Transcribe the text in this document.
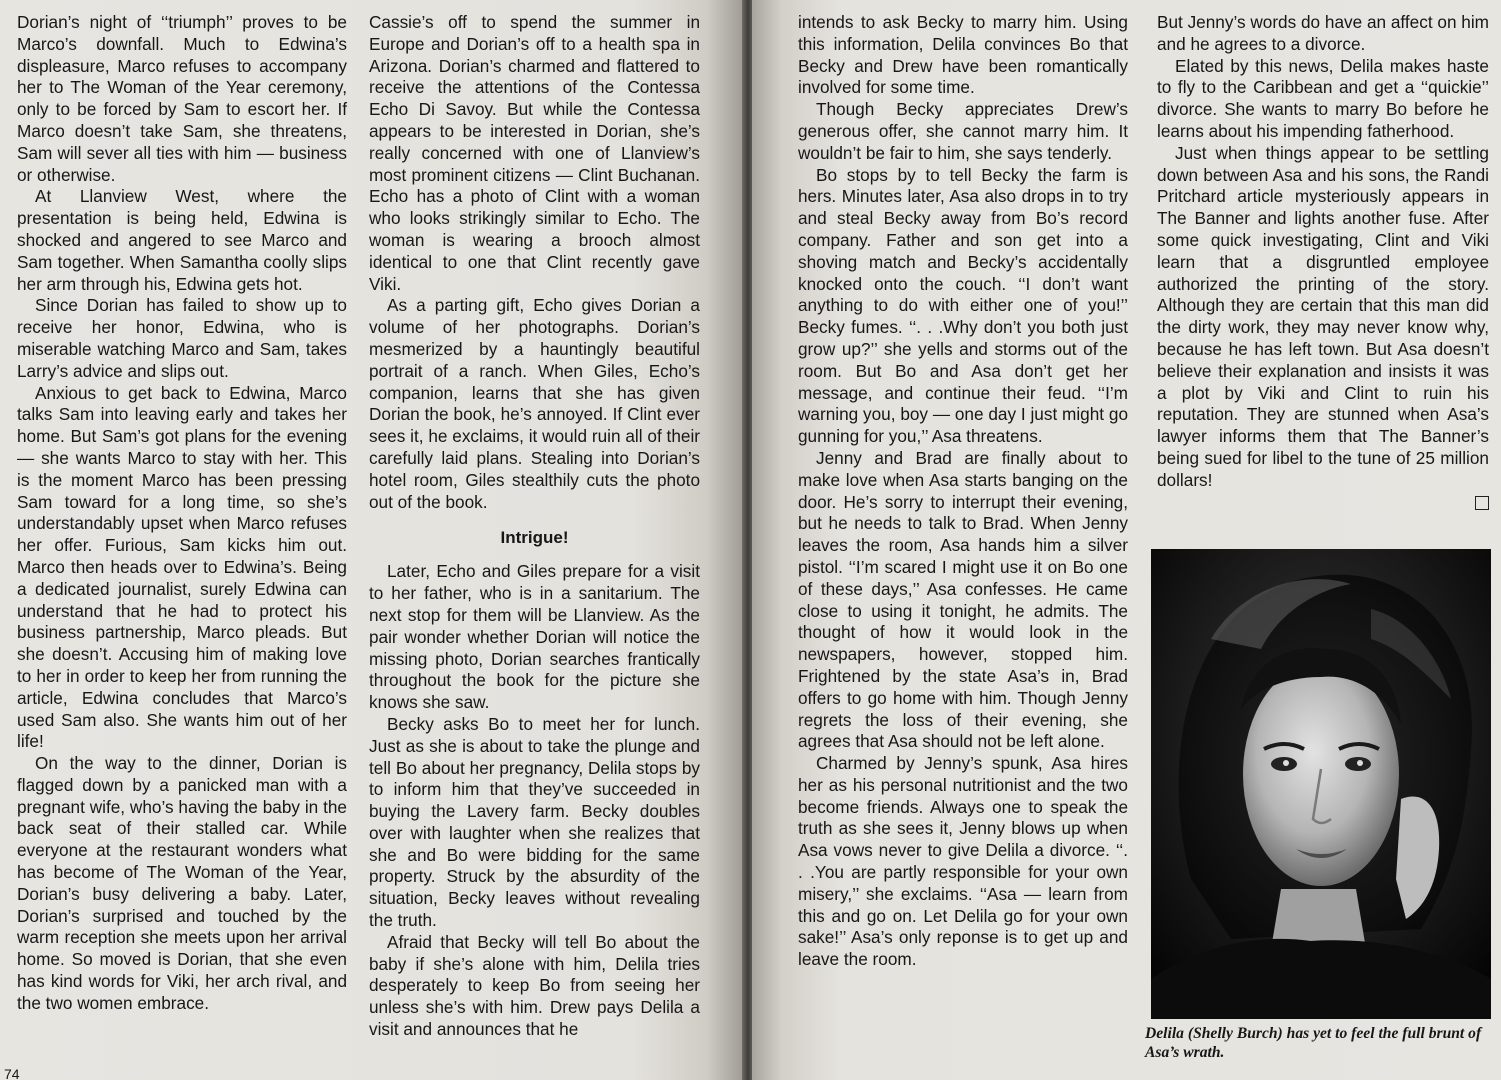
Dorian’s night of ‘‘triumph’’ proves to be Marco’s downfall. Much to Edwina’s displeasure, Marco refuses to accompany her to The Woman of the Year ceremony, only to be forced by Sam to escort her. If Marco doesn’t take Sam, she threatens, Sam will sever all ties with him — business or otherwise.

At Llanview West, where the presentation is being held, Edwina is shocked and angered to see Marco and Sam together. When Samantha coolly slips her arm through his, Edwina gets hot.

Since Dorian has failed to show up to receive her honor, Edwina, who is miserable watching Marco and Sam, takes Larry’s advice and slips out.

Anxious to get back to Edwina, Marco talks Sam into leaving early and takes her home. But Sam’s got plans for the evening — she wants Marco to stay with her. This is the moment Marco has been pressing Sam toward for a long time, so she’s understandably upset when Marco refuses her offer. Furious, Sam kicks him out. Marco then heads over to Edwina’s. Being a dedicated journalist, surely Edwina can understand that he had to protect his business partnership, Marco pleads. But she doesn’t. Accusing him of making love to her in order to keep her from running the article, Edwina concludes that Marco’s used Sam also. She wants him out of her life!

On the way to the dinner, Dorian is flagged down by a panicked man with a pregnant wife, who’s having the baby in the back seat of their stalled car. While everyone at the restaurant wonders what has become of The Woman of the Year, Dorian’s busy delivering a baby. Later, Dorian’s surprised and touched by the warm reception she meets upon her arrival home. So moved is Dorian, that she even has kind words for Viki, her arch rival, and the two women embrace.

Cassie’s off to spend the summer in Europe and Dorian’s off to a health spa in Arizona. Dorian’s charmed and flattered to receive the attentions of the Contessa Echo Di Savoy. But while the Contessa appears to be interested in Dorian, she’s really concerned with one of Llanview’s most prominent citizens — Clint Buchanan. Echo has a photo of Clint with a woman who looks strikingly similar to Echo. The woman is wearing a brooch almost identical to one that Clint recently gave Viki.

As a parting gift, Echo gives Dorian a volume of her photographs. Dorian’s mesmerized by a hauntingly beautiful portrait of a ranch. When Giles, Echo’s companion, learns that she has given Dorian the book, he’s annoyed. If Clint ever sees it, he exclaims, it would ruin all of their carefully laid plans. Stealing into Dorian’s hotel room, Giles stealthily cuts the photo out of the book.

Intrigue!

Later, Echo and Giles prepare for a visit to her father, who is in a sanitarium. The next stop for them will be Llanview. As the pair wonder whether Dorian will notice the missing photo, Dorian searches frantically throughout the book for the picture she knows she saw.

Becky asks Bo to meet her for lunch. Just as she is about to take the plunge and tell Bo about her pregnancy, Delila stops by to inform him that they’ve succeeded in buying the Lavery farm. Becky doubles over with laughter when she realizes that she and Bo were bidding for the same property. Struck by the absurdity of the situation, Becky leaves without revealing the truth.

Afraid that Becky will tell Bo about the baby if she’s alone with him, Delila tries desperately to keep Bo from seeing her unless she’s with him. Drew pays Delila a visit and announces that he

74

intends to ask Becky to marry him. Using this information, Delila convinces Bo that Becky and Drew have been romantically involved for some time.

Though Becky appreciates Drew’s generous offer, she cannot marry him. It wouldn’t be fair to him, she says tenderly.

Bo stops by to tell Becky the farm is hers. Minutes later, Asa also drops in to try and steal Becky away from Bo’s record company. Father and son get into a shoving match and Becky’s accidentally knocked onto the couch. ‘‘I don’t want anything to do with either one of you!’’ Becky fumes. ‘‘. . .Why don’t you both just grow up?’’ she yells and storms out of the room. But Bo and Asa don’t get her message, and continue their feud. ‘‘I’m warning you, boy — one day I just might go gunning for you,’’ Asa threatens.

Jenny and Brad are finally about to make love when Asa starts banging on the door. He’s sorry to interrupt their evening, but he needs to talk to Brad. When Jenny leaves the room, Asa hands him a silver pistol. ‘‘I’m scared I might use it on Bo one of these days,’’ Asa confesses. He came close to using it tonight, he admits. The thought of how it would look in the newspapers, however, stopped him. Frightened by the state Asa’s in, Brad offers to go home with him. Though Jenny regrets the loss of their evening, she agrees that Asa should not be left alone.

Charmed by Jenny’s spunk, Asa hires her as his personal nutritionist and the two become friends. Always one to speak the truth as she sees it, Jenny blows up when Asa vows never to give Delila a divorce. ‘‘. . .You are partly responsible for your own misery,’’ she exclaims. ‘‘Asa — learn from this and go on. Let Delila go for your own sake!’’ Asa’s only reponse is to get up and leave the room.

But Jenny’s words do have an affect on him and he agrees to a divorce.

Elated by this news, Delila makes haste to fly to the Caribbean and get a ‘‘quickie’’ divorce. She wants to marry Bo before he learns about his impending fatherhood.

Just when things appear to be settling down between Asa and his sons, the Randi Pritchard article mysteriously appears in The Banner and lights another fuse. After some quick investigating, Clint and Viki learn that a disgruntled employee authorized the printing of the story. Although they are certain that this man did the dirty work, they may never know why, because he has left town. But Asa doesn’t believe their explanation and insists it was a plot by Viki and Clint to ruin his reputation. They are stunned when Asa’s lawyer informs them that The Banner’s being sued for libel to the tune of 25 million dollars!

Delila (Shelly Burch) has yet to feel the full brunt of Asa’s wrath.
